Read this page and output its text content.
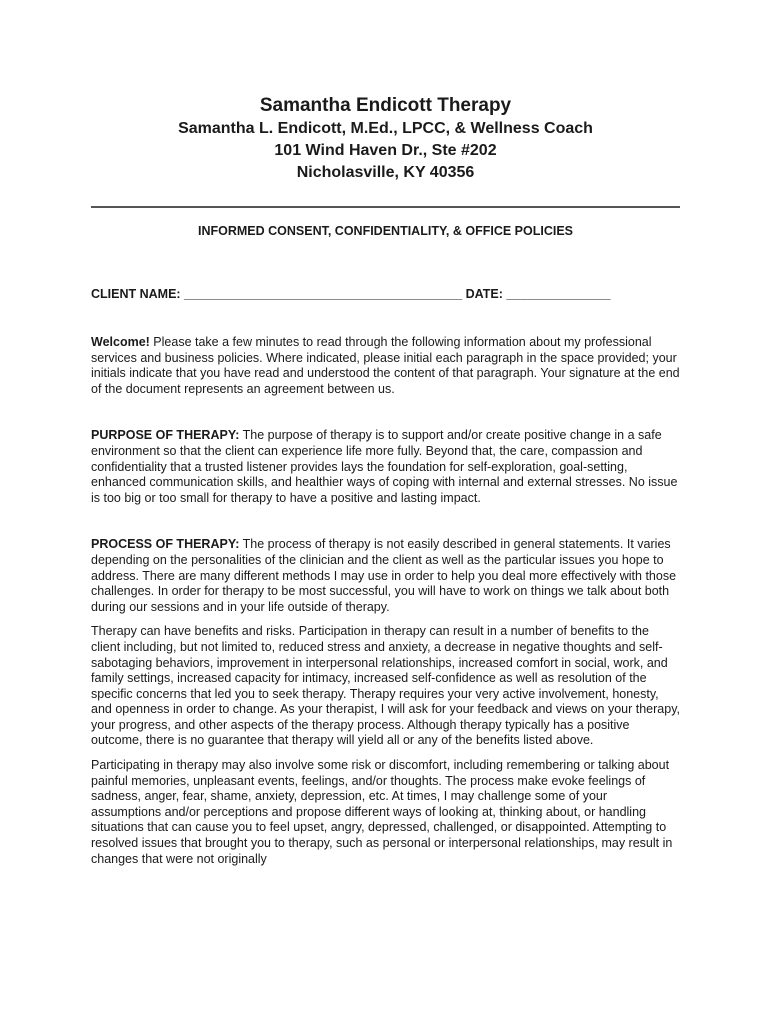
Samantha Endicott Therapy

Samantha L. Endicott, M.Ed., LPCC, & Wellness Coach

101 Wind Haven Dr., Ste #202

Nicholasville, KY 40356

INFORMED CONSENT, CONFIDENTIALITY, & OFFICE POLICIES
CLIENT NAME: ________________________________________ DATE: _______________

Welcome! Please take a few minutes to read through the following information about my professional services and business policies. Where indicated, please initial each paragraph in the space provided; your initials indicate that you have read and understood the content of that paragraph. Your signature at the end of the document represents an agreement between us.

PURPOSE OF THERAPY: The purpose of therapy is to support and/or create positive change in a safe environment so that the client can experience life more fully. Beyond that, the care, compassion and confidentiality that a trusted listener provides lays the foundation for self-exploration, goal-setting, enhanced communication skills, and healthier ways of coping with internal and external stresses. No issue is too big or too small for therapy to have a positive and lasting impact.

PROCESS OF THERAPY: The process of therapy is not easily described in general statements. It varies depending on the personalities of the clinician and the client as well as the particular issues you hope to address. There are many different methods I may use in order to help you deal more effectively with those challenges. In order for therapy to be most successful, you will have to work on things we talk about both during our sessions and in your life outside of therapy.

Therapy can have benefits and risks. Participation in therapy can result in a number of benefits to the client including, but not limited to, reduced stress and anxiety, a decrease in negative thoughts and self-sabotaging behaviors, improvement in interpersonal relationships, increased comfort in social, work, and family settings, increased capacity for intimacy, increased self-confidence as well as resolution of the specific concerns that led you to seek therapy. Therapy requires your very active involvement, honesty, and openness in order to change. As your therapist, I will ask for your feedback and views on your therapy, your progress, and other aspects of the therapy process. Although therapy typically has a positive outcome, there is no guarantee that therapy will yield all or any of the benefits listed above.

Participating in therapy may also involve some risk or discomfort, including remembering or talking about painful memories, unpleasant events, feelings, and/or thoughts. The process make evoke feelings of sadness, anger, fear, shame, anxiety, depression, etc. At times, I may challenge some of your assumptions and/or perceptions and propose different ways of looking at, thinking about, or handling situations that can cause you to feel upset, angry, depressed, challenged, or disappointed. Attempting to resolved issues that brought you to therapy, such as personal or interpersonal relationships, may result in changes that were not originally
